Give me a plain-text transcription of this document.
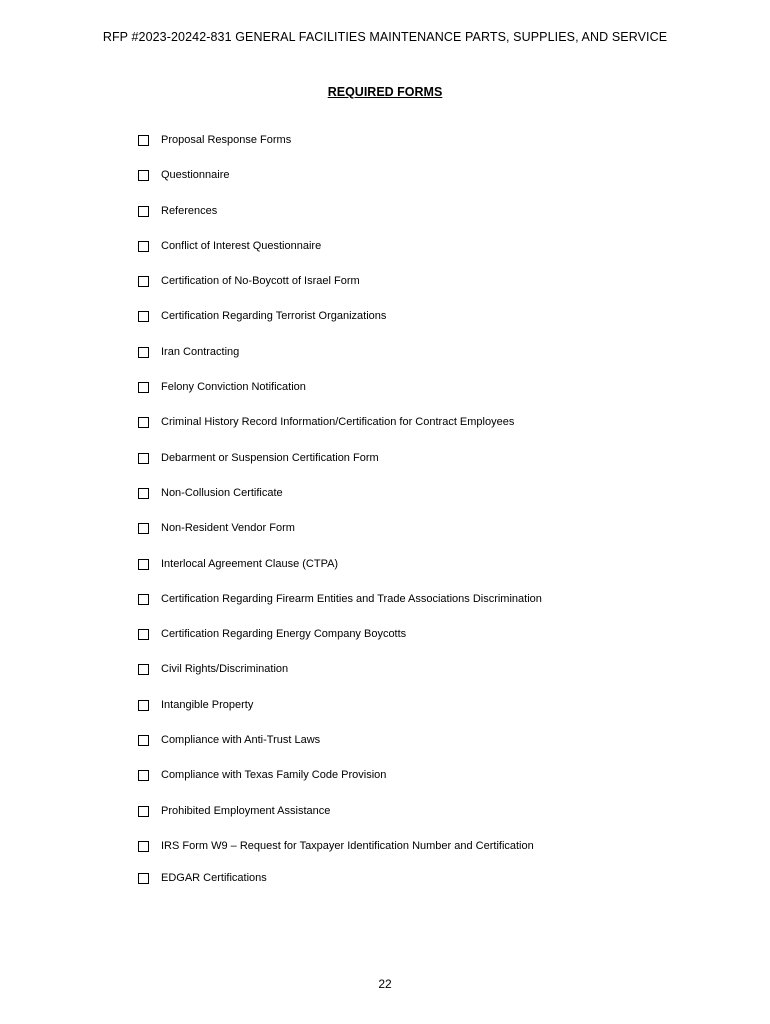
RFP #2023-20242-831 GENERAL FACILITIES MAINTENANCE PARTS, SUPPLIES, AND SERVICE
REQUIRED FORMS
Proposal Response Forms
Questionnaire
References
Conflict of Interest Questionnaire
Certification of No-Boycott of Israel Form
Certification Regarding Terrorist Organizations
Iran Contracting
Felony Conviction Notification
Criminal History Record Information/Certification for Contract Employees
Debarment or Suspension Certification Form
Non-Collusion Certificate
Non-Resident Vendor Form
Interlocal Agreement Clause (CTPA)
Certification Regarding Firearm Entities and Trade Associations Discrimination
Certification Regarding Energy Company Boycotts
Civil Rights/Discrimination
Intangible Property
Compliance with Anti-Trust Laws
Compliance with Texas Family Code Provision
Prohibited Employment Assistance
IRS Form W9 – Request for Taxpayer Identification Number and Certification
EDGAR Certifications
22
